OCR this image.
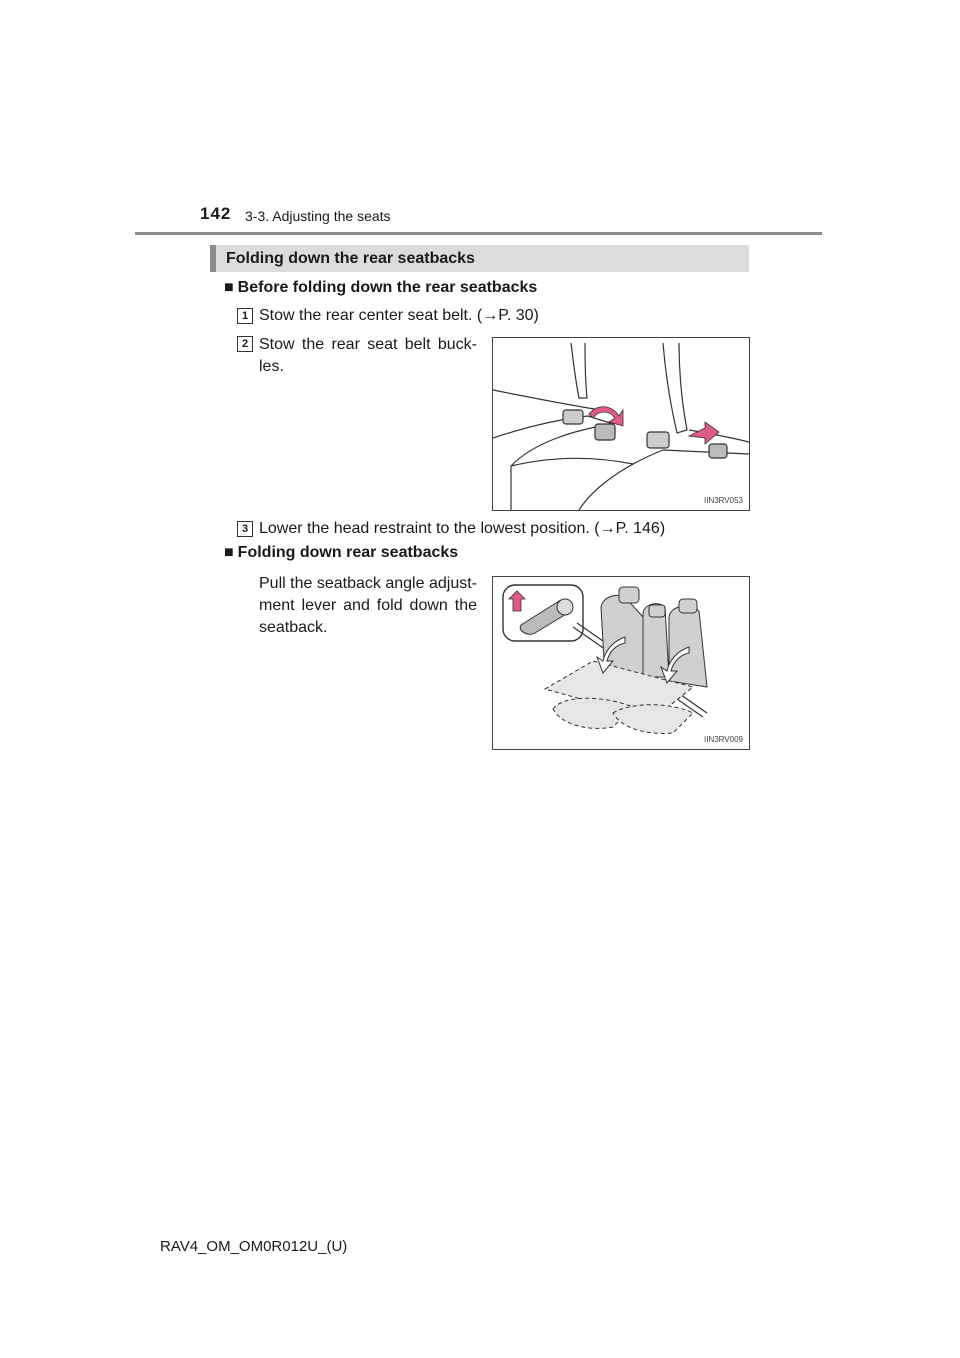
142 3-3. Adjusting the seats
Folding down the rear seatbacks
■ Before folding down the rear seatbacks
1 Stow the rear center seat belt. (→P. 30)
2 Stow the rear seat belt buck-les.
IIN3RV053
3 Lower the head restraint to the lowest position. (→P. 146)
■ Folding down rear seatbacks
Pull the seatback angle adjust-ment lever and fold down the seatback.
IIN3RV009
RAV4_OM_OM0R012U_(U)
